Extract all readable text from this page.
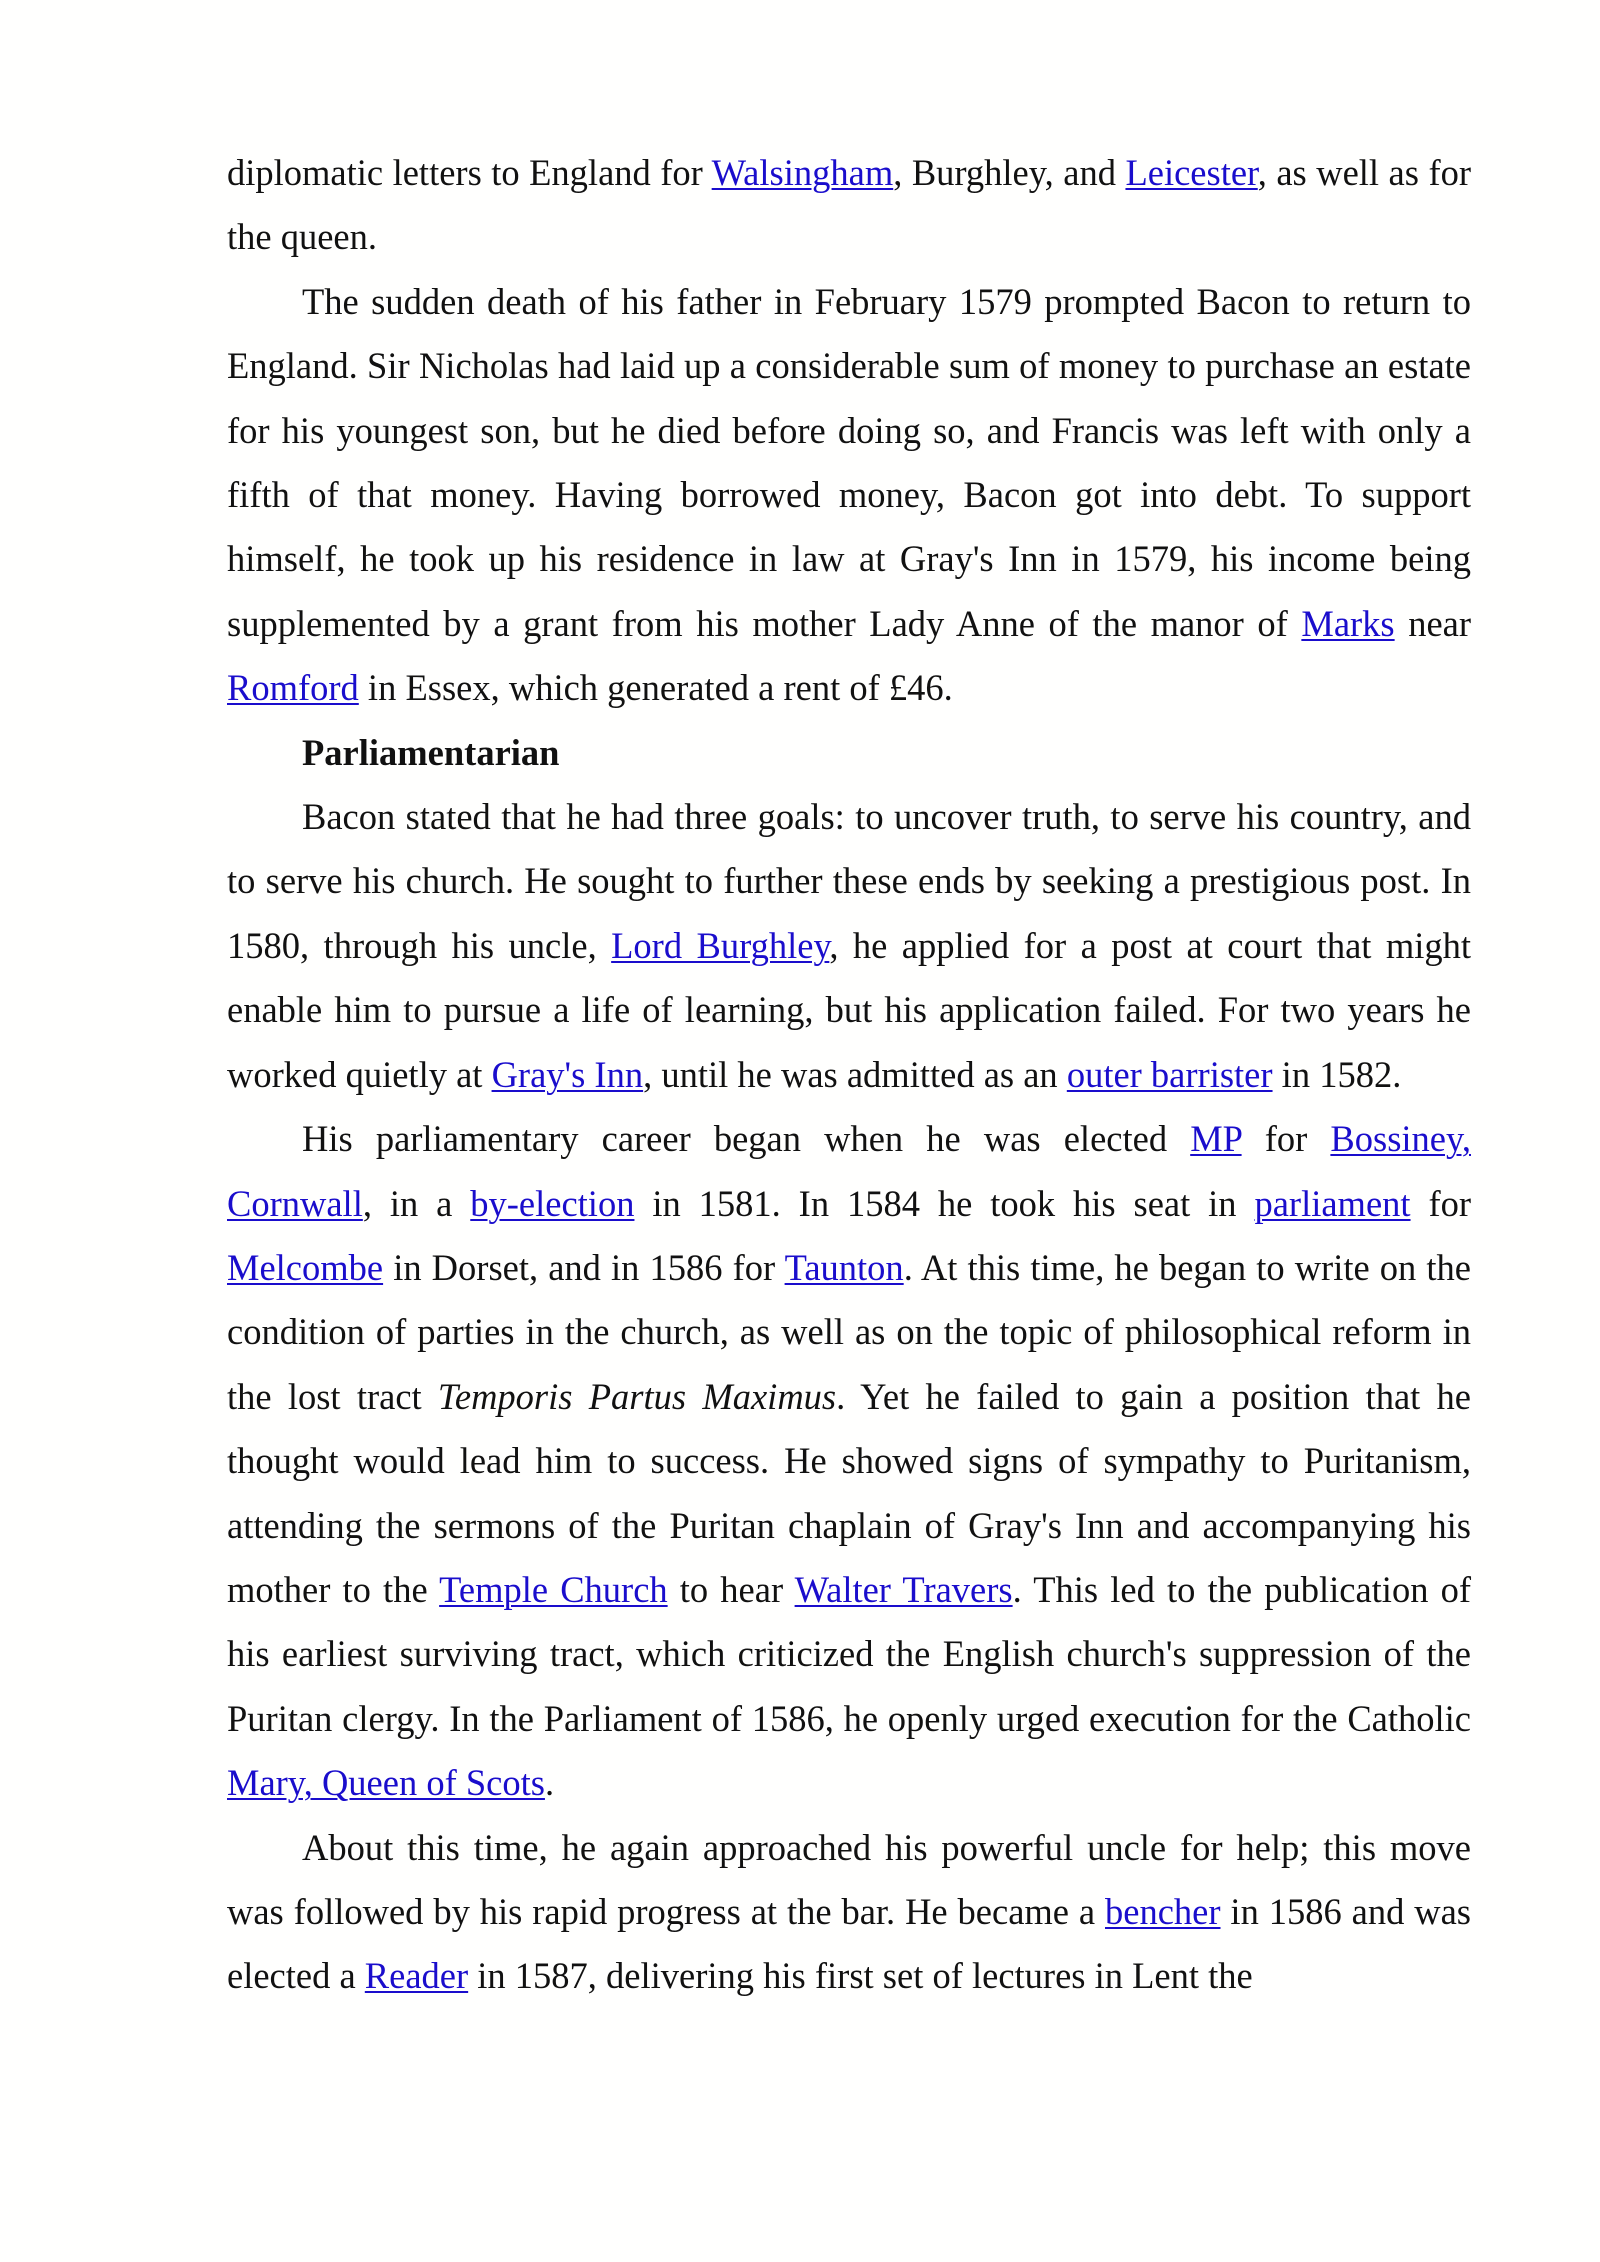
diplomatic letters to England for Walsingham, Burghley, and Leicester, as well as for the queen.

The sudden death of his father in February 1579 prompted Bacon to return to England. Sir Nicholas had laid up a considerable sum of money to purchase an estate for his youngest son, but he died before doing so, and Francis was left with only a fifth of that money. Having borrowed money, Bacon got into debt. To support himself, he took up his residence in law at Gray's Inn in 1579, his income being supplemented by a grant from his mother Lady Anne of the manor of Marks near Romford in Essex, which generated a rent of £46.

Parliamentarian

Bacon stated that he had three goals: to uncover truth, to serve his country, and to serve his church. He sought to further these ends by seeking a prestigious post. In 1580, through his uncle, Lord Burghley, he applied for a post at court that might enable him to pursue a life of learning, but his application failed. For two years he worked quietly at Gray's Inn, until he was admitted as an outer barrister in 1582.

His parliamentary career began when he was elected MP for Bossiney, Cornwall, in a by-election in 1581. In 1584 he took his seat in parliament for Melcombe in Dorset, and in 1586 for Taunton. At this time, he began to write on the condition of parties in the church, as well as on the topic of philosophical reform in the lost tract Temporis Partus Maximus. Yet he failed to gain a position that he thought would lead him to success. He showed signs of sympathy to Puritanism, attending the sermons of the Puritan chaplain of Gray's Inn and accompanying his mother to the Temple Church to hear Walter Travers. This led to the publication of his earliest surviving tract, which criticized the English church's suppression of the Puritan clergy. In the Parliament of 1586, he openly urged execution for the Catholic Mary, Queen of Scots.

About this time, he again approached his powerful uncle for help; this move was followed by his rapid progress at the bar. He became a bencher in 1586 and was elected a Reader in 1587, delivering his first set of lectures in Lent the
